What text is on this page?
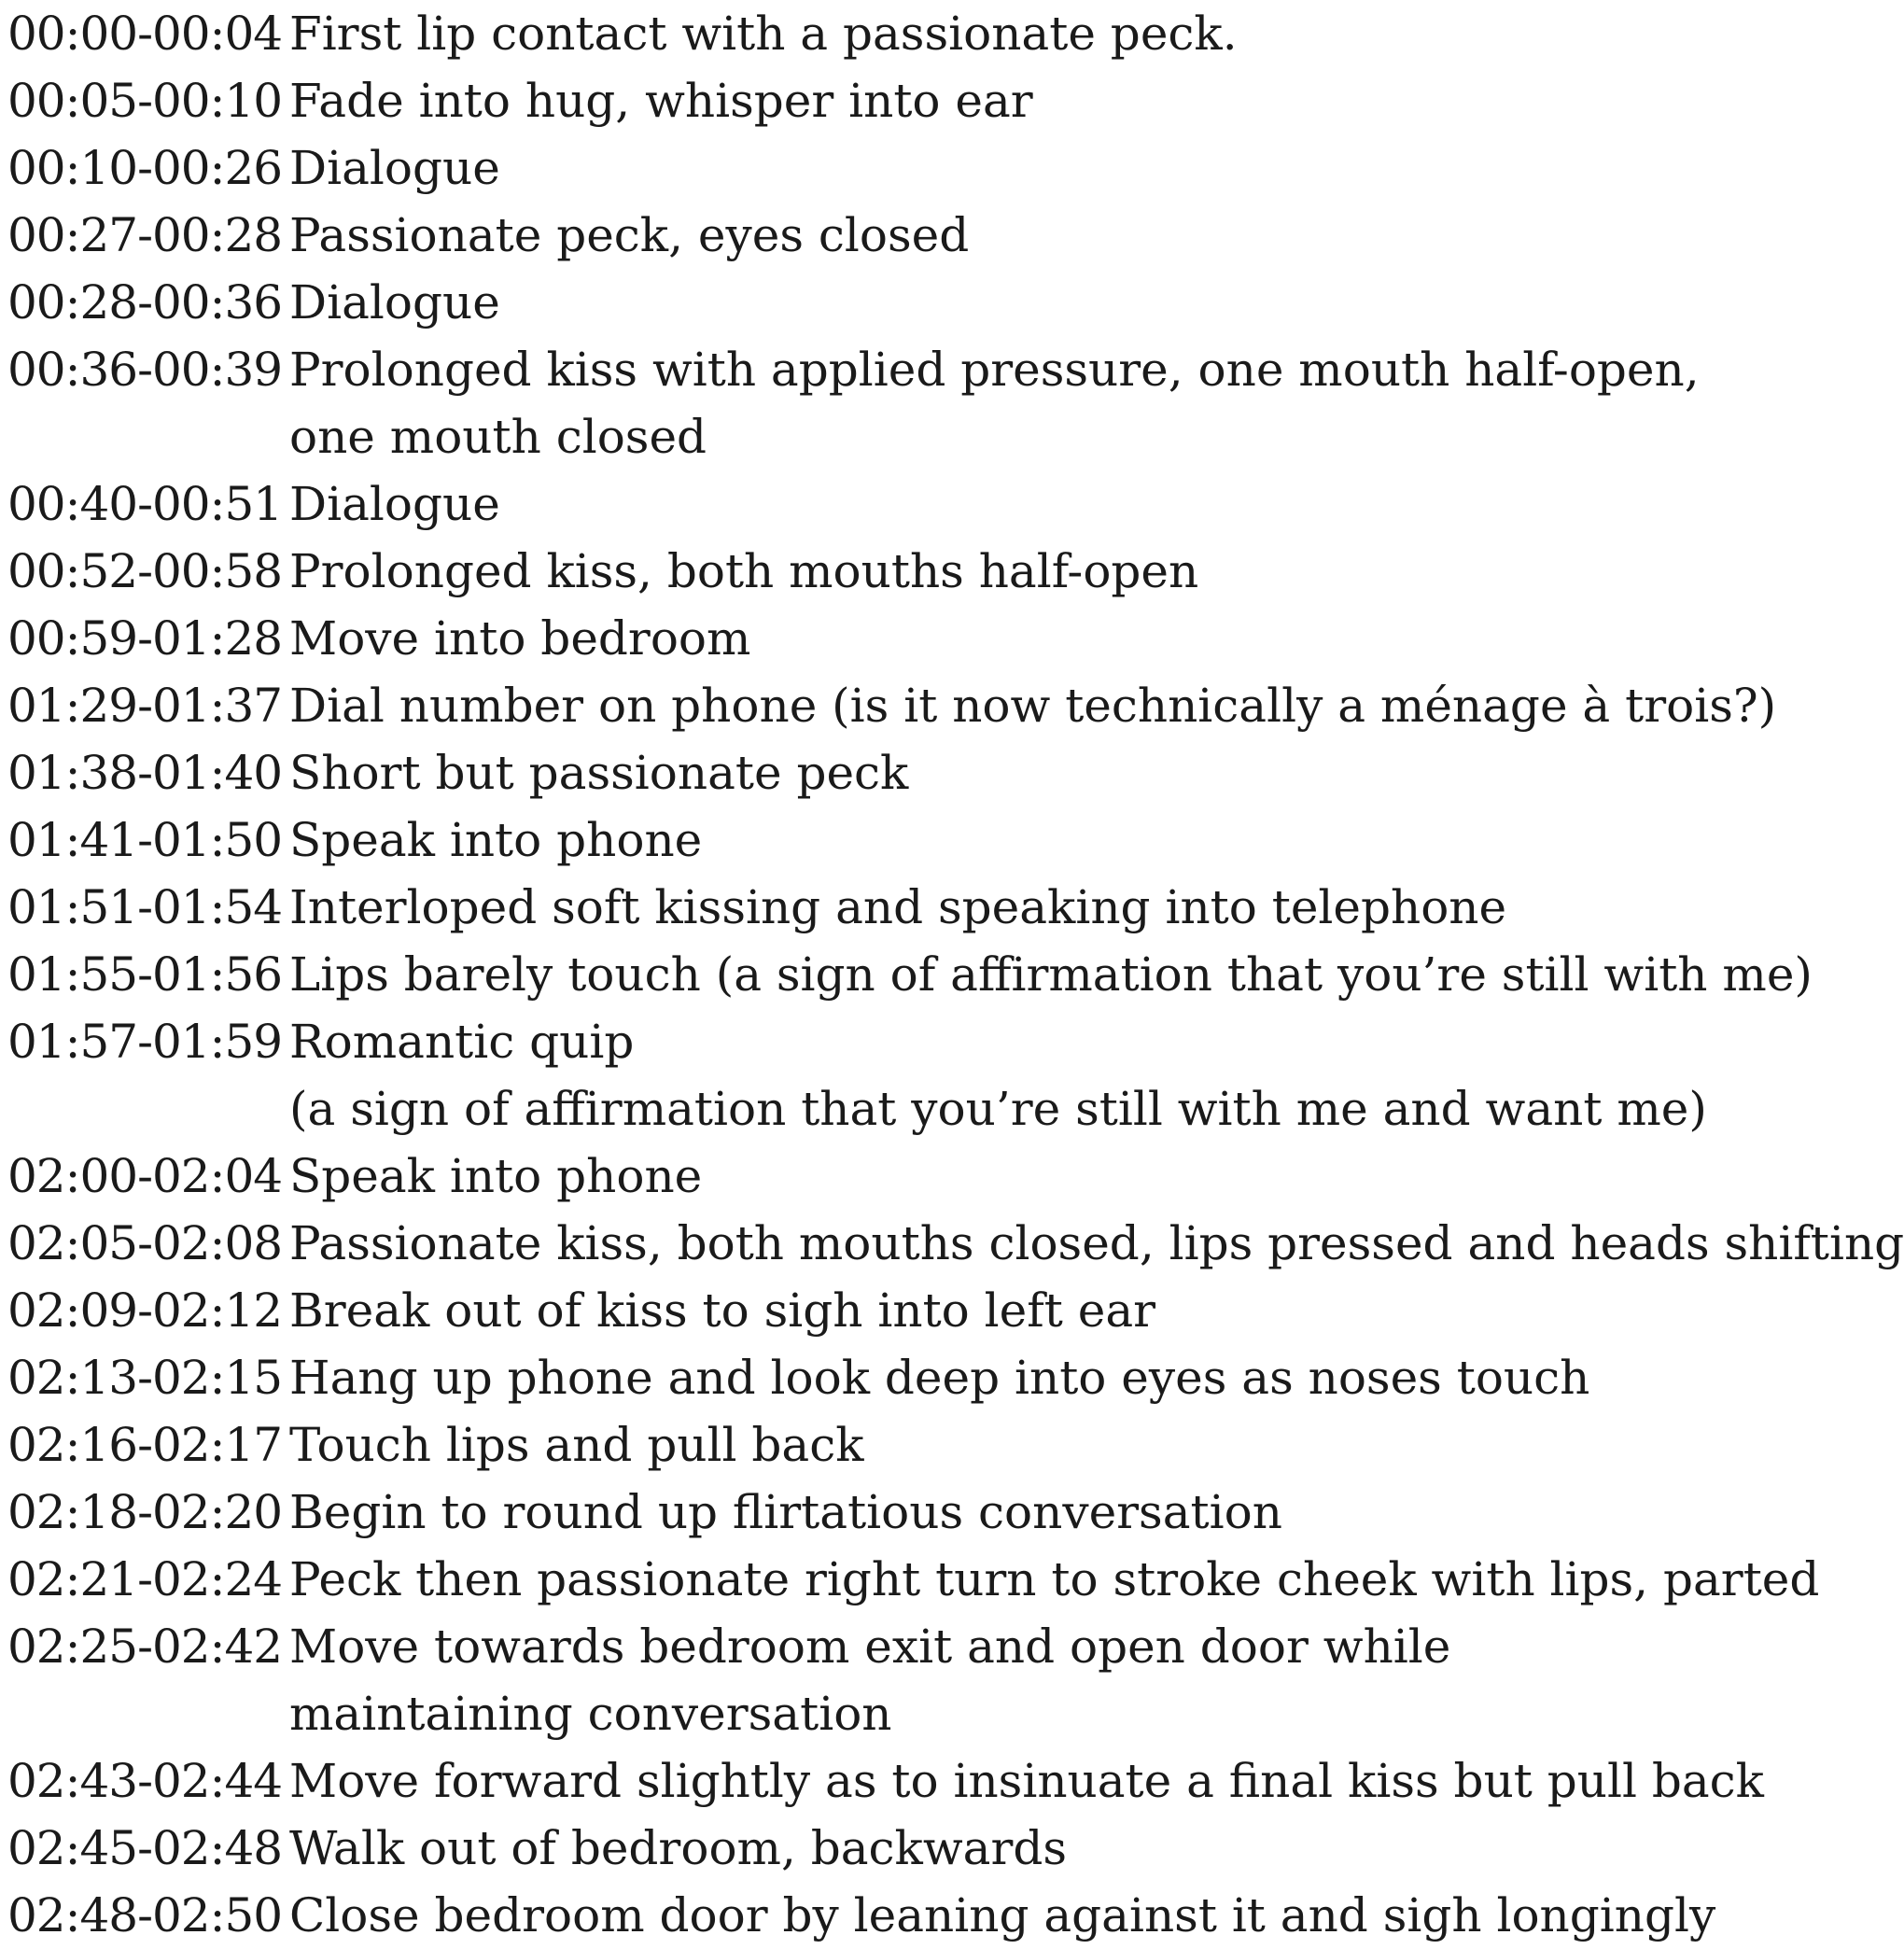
00:00-00:04 First lip contact with a passionate peck.
00:05-00:10 Fade into hug, whisper into ear
00:10-00:26 Dialogue
00:27-00:28 Passionate peck, eyes closed
00:28-00:36 Dialogue
00:36-00:39 Prolonged kiss with applied pressure, one mouth half-open,
one mouth closed
00:40-00:51 Dialogue
00:52-00:58 Prolonged kiss, both mouths half-open
00:59-01:28 Move into bedroom
01:29-01:37 Dial number on phone (is it now technically a ménage à trois?)
01:38-01:40 Short but passionate peck
01:41-01:50 Speak into phone
01:51-01:54 Interloped soft kissing and speaking into telephone
01:55-01:56 Lips barely touch (a sign of affirmation that you’re still with me)
01:57-01:59 Romantic quip
(a sign of affirmation that you’re still with me and want me)
02:00-02:04 Speak into phone
02:05-02:08 Passionate kiss, both mouths closed, lips pressed and heads shifting
02:09-02:12 Break out of kiss to sigh into left ear
02:13-02:15 Hang up phone and look deep into eyes as noses touch
02:16-02:17 Touch lips and pull back
02:18-02:20 Begin to round up flirtatious conversation
02:21-02:24 Peck then passionate right turn to stroke cheek with lips, parted
02:25-02:42 Move towards bedroom exit and open door while
maintaining conversation
02:43-02:44 Move forward slightly as to insinuate a final kiss but pull back
02:45-02:48 Walk out of bedroom, backwards
02:48-02:50 Close bedroom door by leaning against it and sigh longingly
